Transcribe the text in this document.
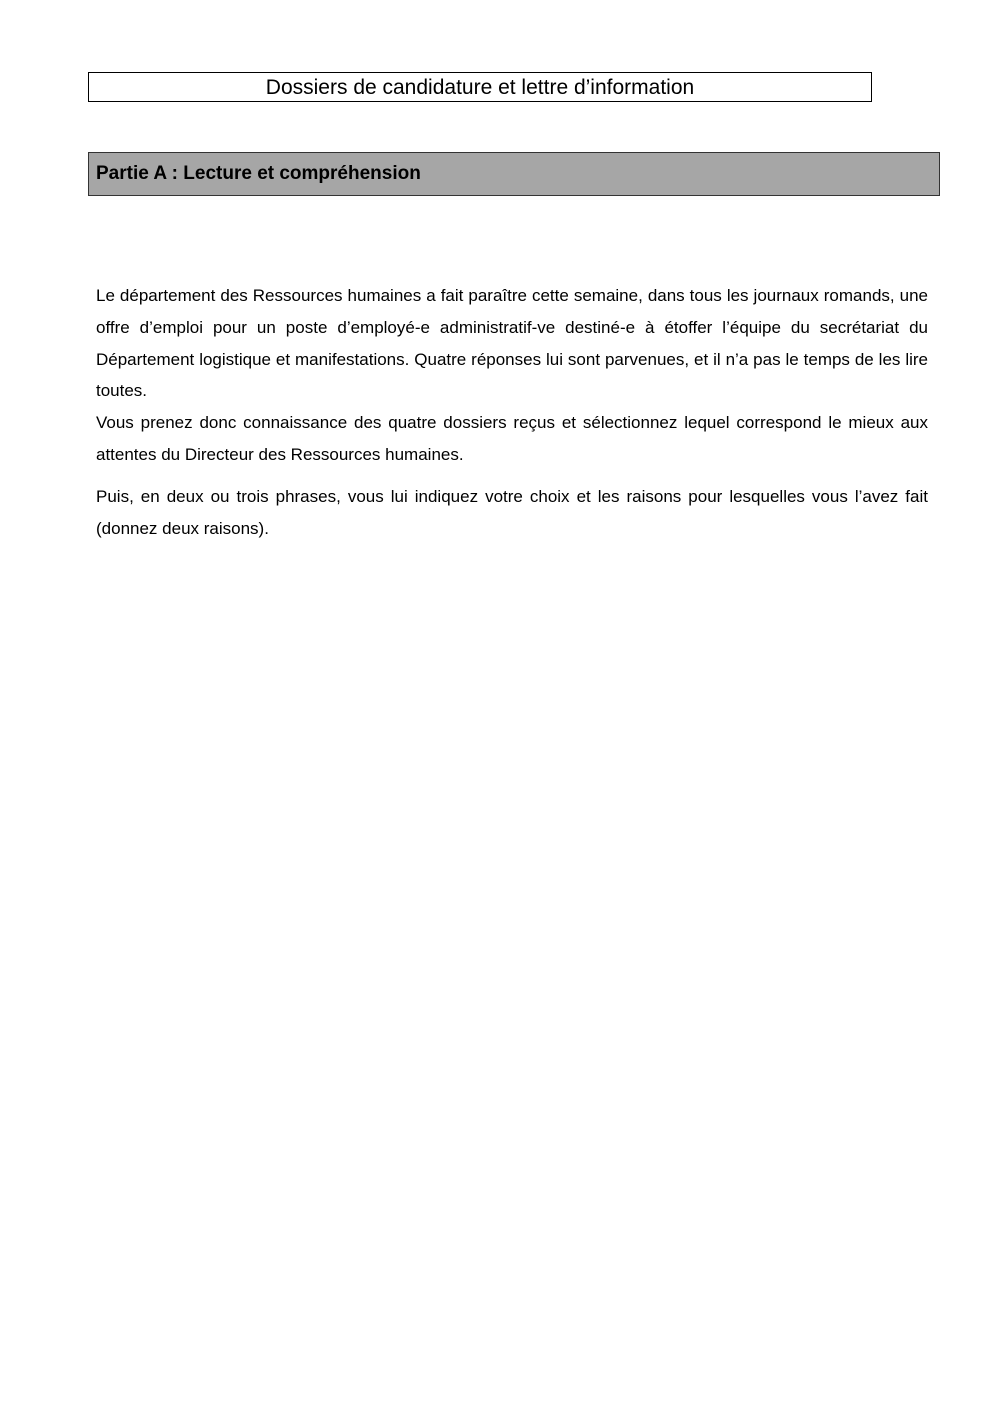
Dossiers de candidature et lettre d’information
Partie A : Lecture et compréhension

Le département des Ressources humaines a fait paraître cette semaine, dans tous les journaux romands, une offre d’emploi pour un poste d’employé-e administratif-ve destiné-e à étoffer l’équipe du secrétariat du Département logistique et manifestations. Quatre réponses lui sont parvenues, et il n’a pas le temps de les lire toutes.

Vous prenez donc connaissance des quatre dossiers reçus et sélectionnez lequel correspond le mieux aux attentes du Directeur des Ressources humaines.

Puis, en deux ou trois phrases, vous lui indiquez votre choix et les raisons pour lesquelles vous l’avez fait (donnez deux raisons).
